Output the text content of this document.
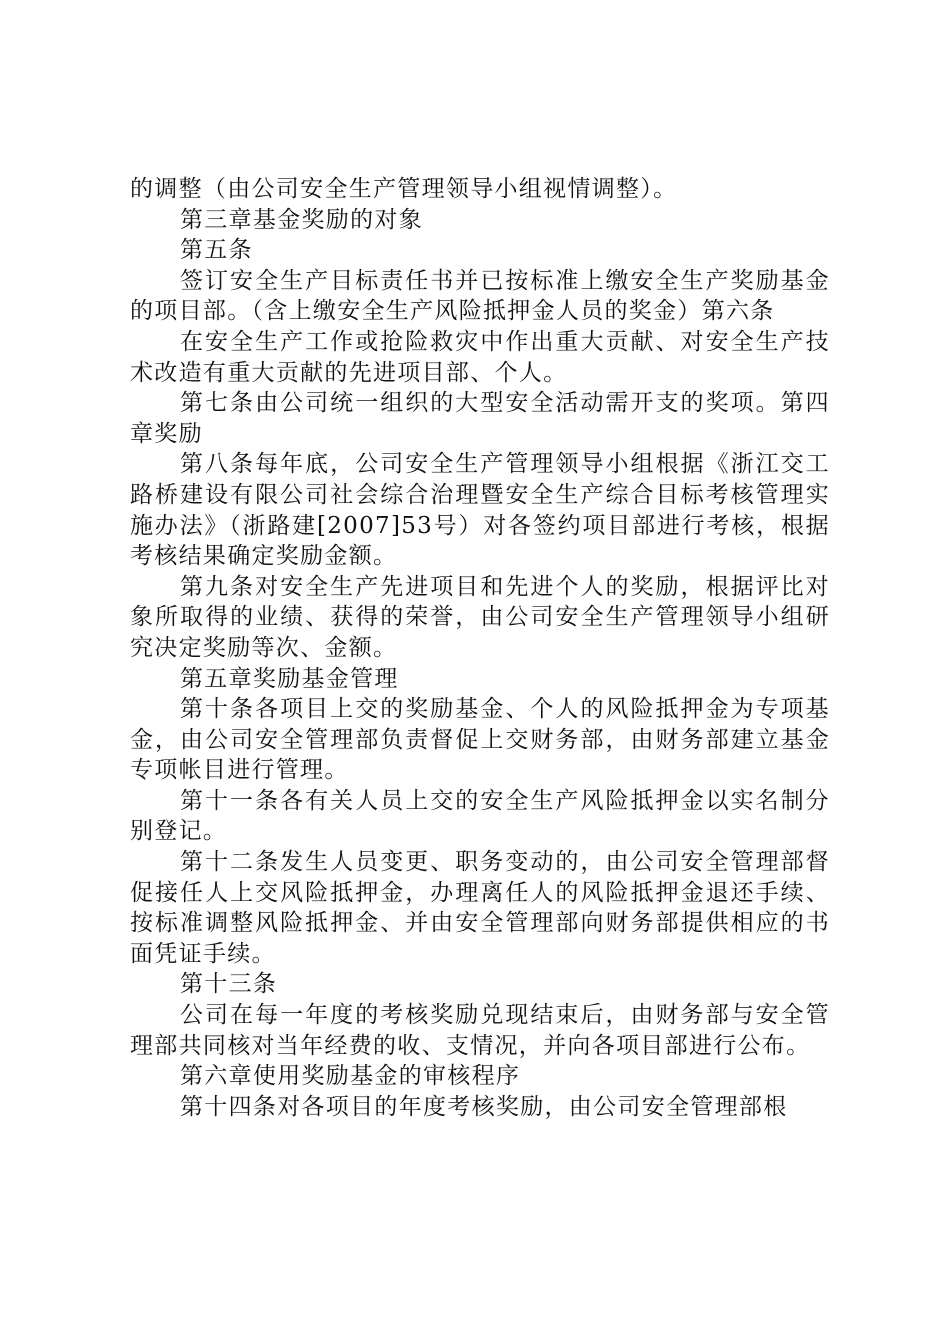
的调整（由公司安全生产管理领导小组视情调整）。

第三章基金奖励的对象

第五条

签订安全生产目标责任书并已按标准上缴安全生产奖励基金的项目部。（含上缴安全生产风险抵押金人员的奖金）第六条

在安全生产工作或抢险救灾中作出重大贡献、对安全生产技术改造有重大贡献的先进项目部、个人。

第七条由公司统一组织的大型安全活动需开支的奖项。第四章奖励

第八条每年底，公司安全生产管理领导小组根据《浙江交工路桥建设有限公司社会综合治理暨安全生产综合目标考核管理实施办法》（浙路建[2007]53号）对各签约项目部进行考核，根据考核结果确定奖励金额。

第九条对安全生产先进项目和先进个人的奖励，根据评比对象所取得的业绩、获得的荣誉，由公司安全生产管理领导小组研究决定奖励等次、金额。

第五章奖励基金管理

第十条各项目上交的奖励基金、个人的风险抵押金为专项基金，由公司安全管理部负责督促上交财务部，由财务部建立基金专项帐目进行管理。

第十一条各有关人员上交的安全生产风险抵押金以实名制分别登记。

第十二条发生人员变更、职务变动的，由公司安全管理部督促接任人上交风险抵押金，办理离任人的风险抵押金退还手续、按标准调整风险抵押金、并由安全管理部向财务部提供相应的书面凭证手续。

第十三条

公司在每一年度的考核奖励兑现结束后，由财务部与安全管理部共同核对当年经费的收、支情况，并向各项目部进行公布。

第六章使用奖励基金的审核程序

第十四条对各项目的年度考核奖励，由公司安全管理部根
